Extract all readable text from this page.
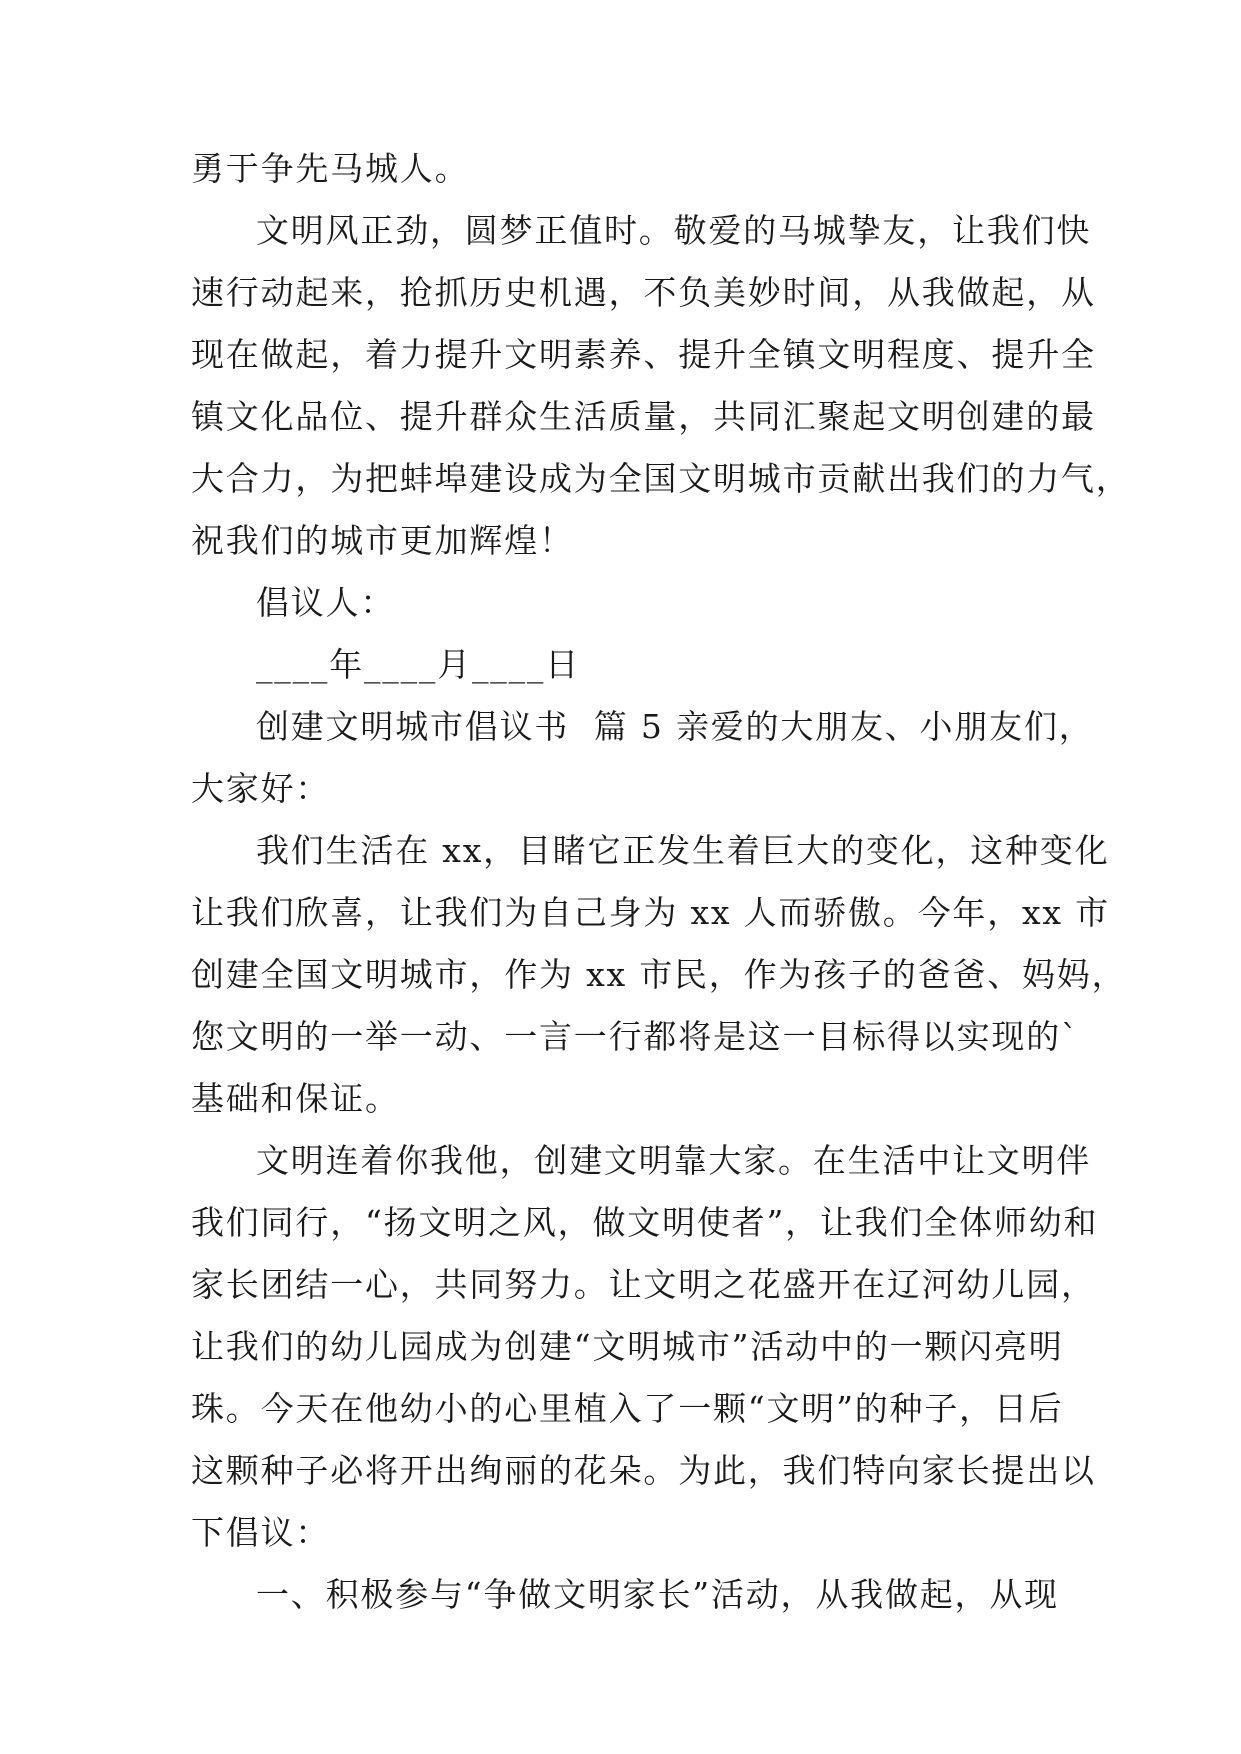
勇于争先马城人。
文明风正劲，圆梦正值时。敬爱的马城挚友，让我们快
速行动起来，抢抓历史机遇，不负美妙时间，从我做起，从
现在做起，着力提升文明素养、提升全镇文明程度、提升全
镇文化品位、提升群众生活质量，共同汇聚起文明创建的最
大合力，为把蚌埠建设成为全国文明城市贡献出我们的力气，
祝我们的城市更加辉煌！
倡议人：
____年____月____日
创建文明城市倡议书  篇 5 亲爱的大朋友、小朋友们，
大家好：
我们生活在 xx，目睹它正发生着巨大的变化，这种变化
让我们欣喜，让我们为自己身为 xx 人而骄傲。今年，xx 市
创建全国文明城市，作为 xx 市民，作为孩子的爸爸、妈妈，
您文明的一举一动、一言一行都将是这一目标得以实现的`
基础和保证。
文明连着你我他，创建文明靠大家。在生活中让文明伴
我们同行，“扬文明之风，做文明使者”，让我们全体师幼和
家长团结一心，共同努力。让文明之花盛开在辽河幼儿园，
让我们的幼儿园成为创建“文明城市”活动中的一颗闪亮明
珠。今天在他幼小的心里植入了一颗“文明”的种子，日后
这颗种子必将开出绚丽的花朵。为此，我们特向家长提出以
下倡议：
一、积极参与“争做文明家长”活动，从我做起，从现
